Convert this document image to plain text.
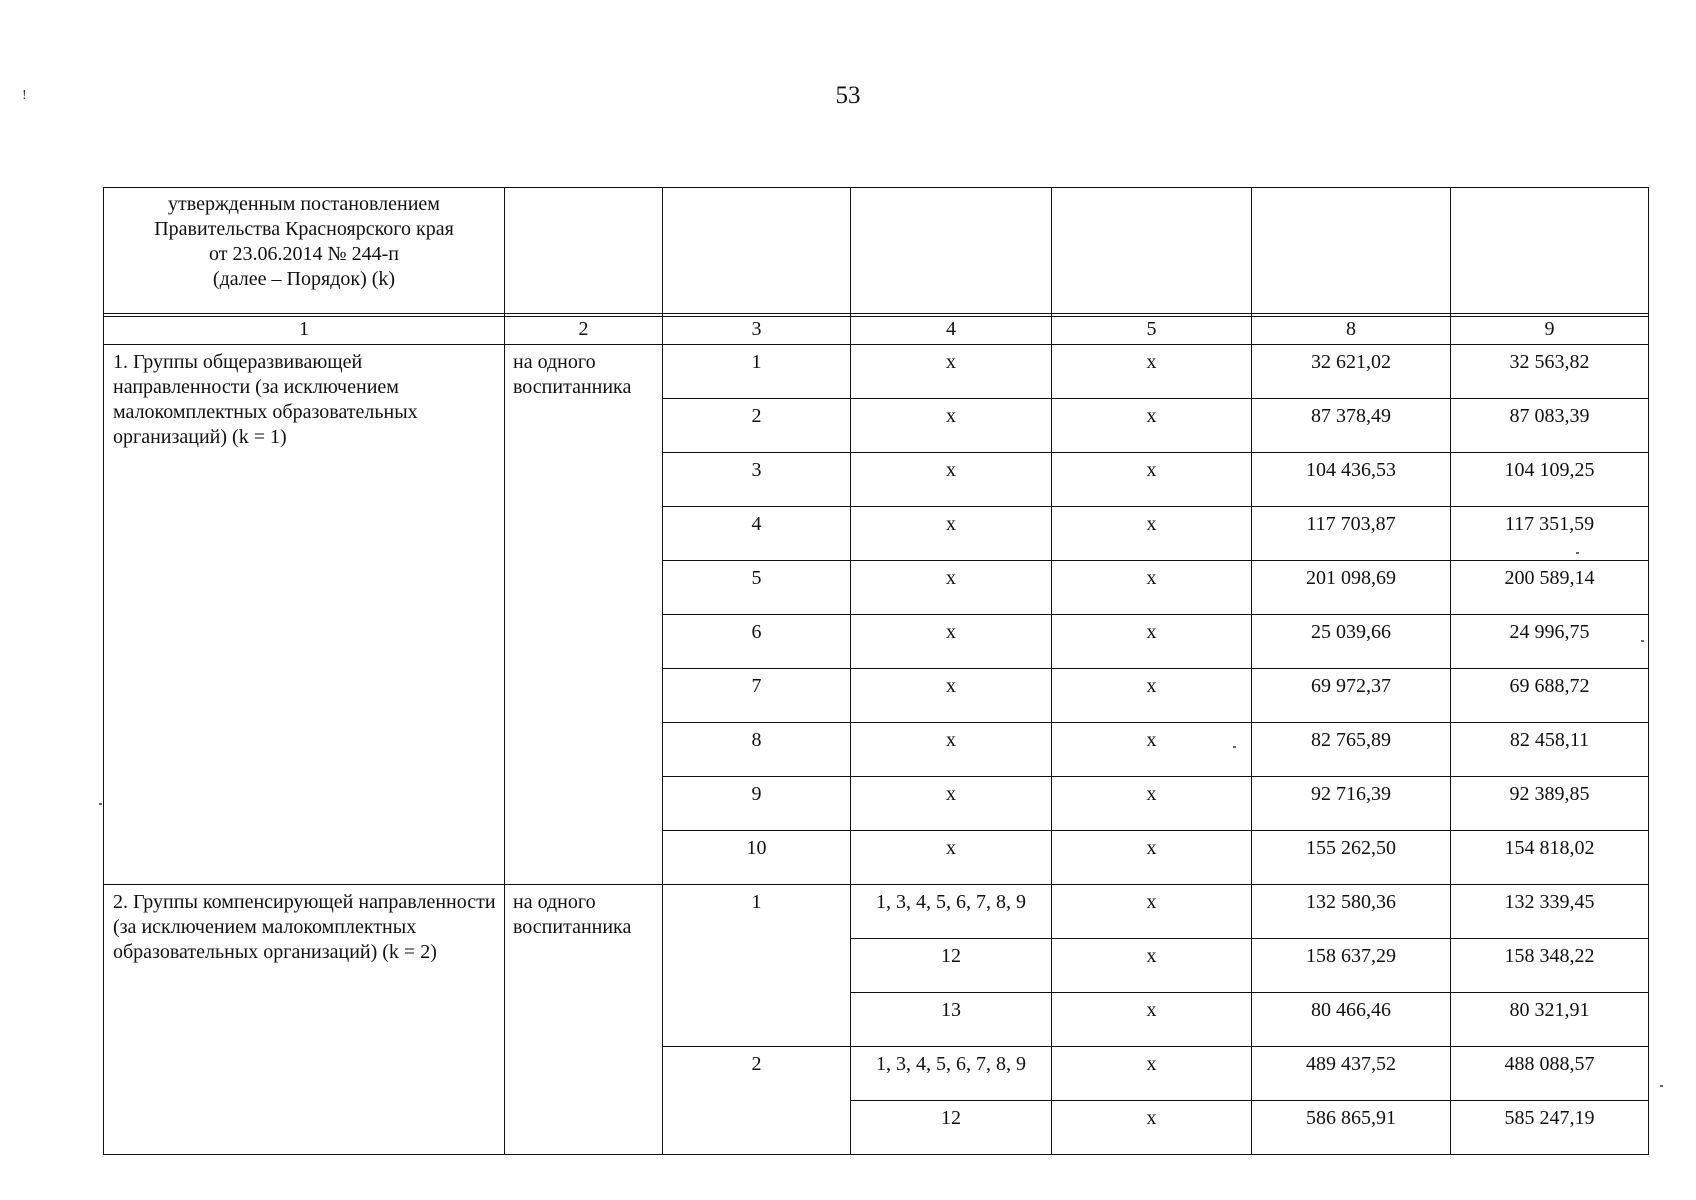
!	53
утвержденным постановлением
Правительства Красноярского края
от 23.06.2014 № 244-п
(далее – Порядок) (k)

1	2	3	4	5	8	9
1. Группы общеразвивающей направленности (за исключением малокомплектных образовательных организаций) (k = 1)	на одного воспитанника	1	х	х	32 621,02	32 563,82
		2	х	х	87 378,49	87 083,39
		3	х	х	104 436,53	104 109,25
		4	х	х	117 703,87	117 351,59
		5	х	х	201 098,69	200 589,14
		6	х	х	25 039,66	24 996,75
		7	х	х	69 972,37	69 688,72
		8	х	х	82 765,89	82 458,11
		9	х	х	92 716,39	92 389,85
		10	х	х	155 262,50	154 818,02
2. Группы компенсирующей направленности (за исключением малокомплектных образовательных организаций) (k = 2)	на одного воспитанника	1	1, 3, 4, 5, 6, 7, 8, 9	х	132 580,36	132 339,45
			12	х	158 637,29	158 348,22
			13	х	80 466,46	80 321,91
		2	1, 3, 4, 5, 6, 7, 8, 9	х	489 437,52	488 088,57
			12	х	586 865,91	585 247,19
